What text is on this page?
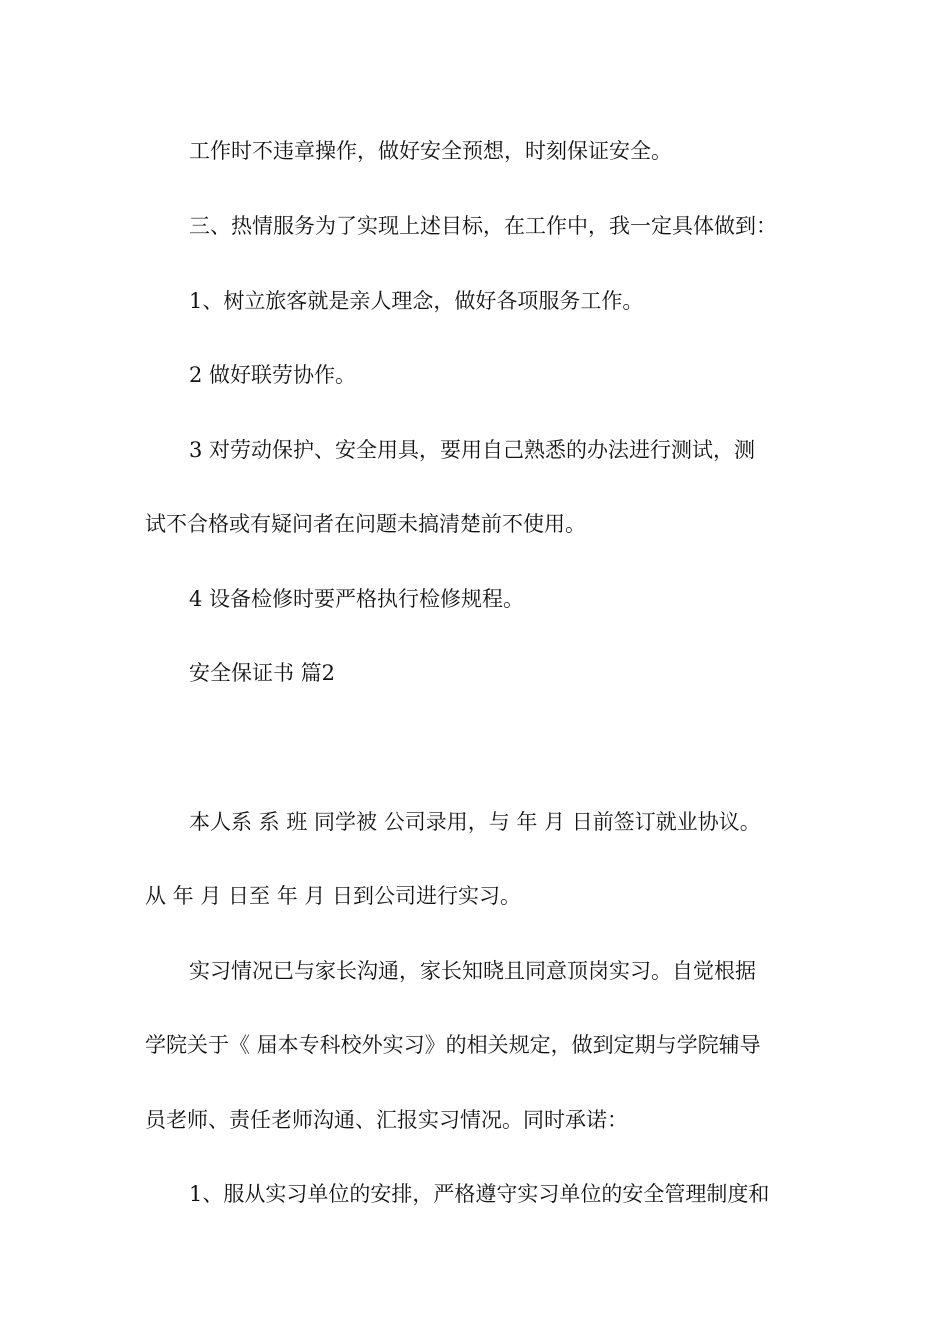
工作时不违章操作，做好安全预想，时刻保证安全。
三、热情服务为了实现上述目标，在工作中，我一定具体做到：
1、树立旅客就是亲人理念，做好各项服务工作。
2 做好联劳协作。
3 对劳动保护、安全用具，要用自己熟悉的办法进行测试，测
试不合格或有疑问者在问题未搞清楚前不使用。
4 设备检修时要严格执行检修规程。
安全保证书 篇2
本人系 系 班 同学被 公司录用，与 年 月 日前签订就业协议。
从 年 月 日至 年 月 日到公司进行实习。
实习情况已与家长沟通，家长知晓且同意顶岗实习。自觉根据
学院关于《 届本专科校外实习》的相关规定，做到定期与学院辅导
员老师、责任老师沟通、汇报实习情况。同时承诺：
1、服从实习单位的安排，严格遵守实习单位的安全管理制度和
